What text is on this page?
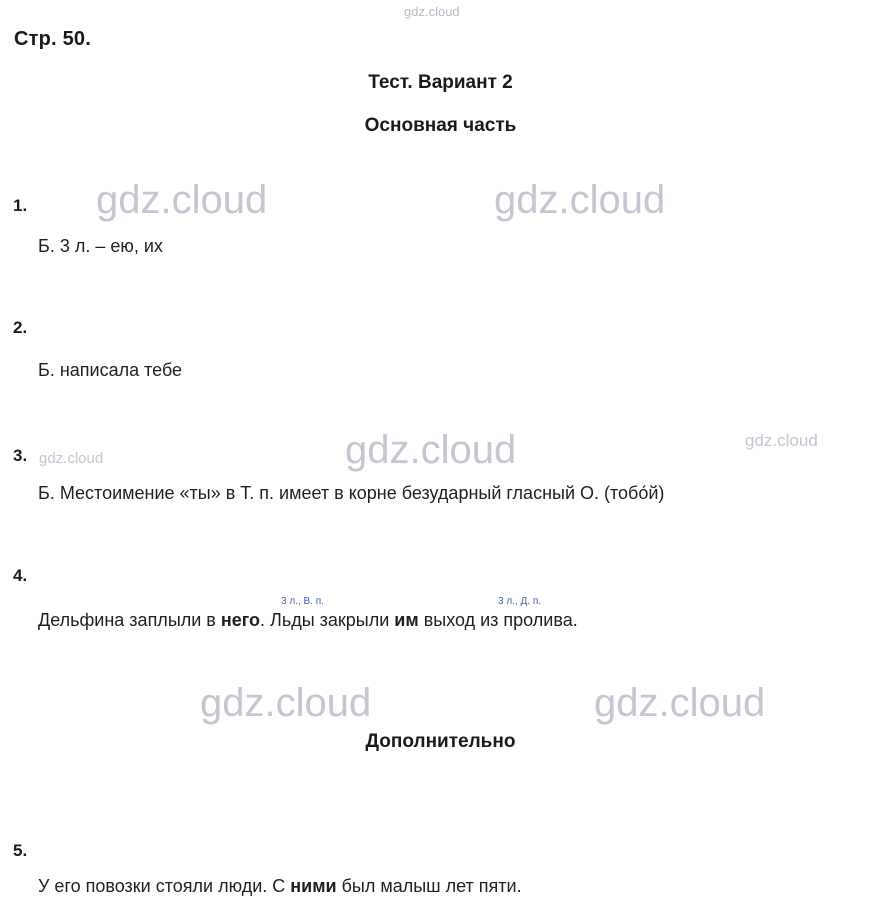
gdz.cloud
gdz.cloud	gdz.cloud
gdz.cloud	gdz.cloud	gdz.cloud
gdz.cloud	gdz.cloud
Стр. 50.
Тест. Вариант 2
Основная часть
Дополнительно
1.
Б. 3 л. – ею, их
2.
Б. написала тебе
3.
Б. Местоимение «ты» в Т. п. имеет в корне безударный гласный О. (тобо́й)
4.
3 л., В. п.	3 л., Д. п.
Дельфина заплыли в него. Льды закрыли им выход из пролива.
5.
У его повозки стояли люди. С ними был малыш лет пяти.
